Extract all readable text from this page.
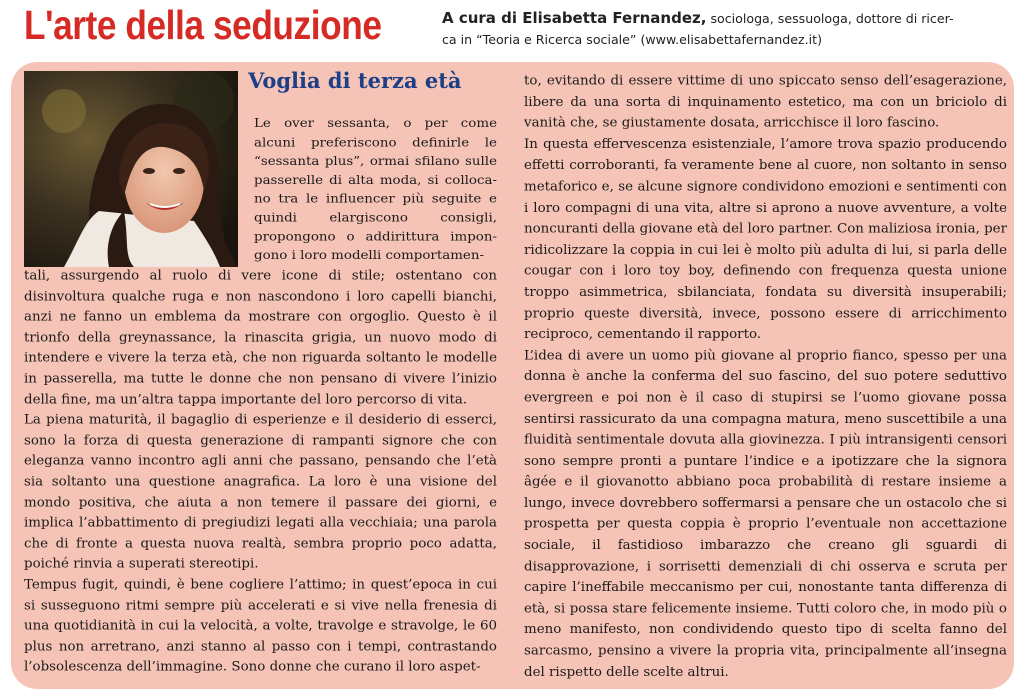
L'arte della seduzione	A cura di Elisabetta Fernandez, sociologa, sessuologa, dottore di ricer-
ca in “Teoria e Ricerca sociale” (www.elisabettafernandez.it)
Voglia di terza età

Le over sessanta, o per come alcuni preferiscono definirle le “sessanta plus”, ormai sfilano sulle passerelle di alta moda, si collocano tra le influencer più seguite e quindi elargiscono consigli, propongono o addirittura impongono i loro modelli comportamen-

tali, assurgendo al ruolo di vere icone di stile; ostentano con disinvoltura qualche ruga e non nascondono i loro capelli bianchi, anzi ne fanno un emblema da mostrare con orgoglio. Questo è il trionfo della greynassance, la rinascita grigia, un nuovo modo di intendere e vivere la terza età, che non riguarda soltanto le modelle in passerella, ma tutte le donne che non pensano di vivere l’inizio della fine, ma un’altra tappa importante del loro percorso di vita.

La piena maturità, il bagaglio di esperienze e il desiderio di esserci, sono la forza di questa generazione di rampanti signore che con eleganza vanno incontro agli anni che passano, pensando che l’età sia soltanto una questione anagrafica. La loro è una visione del mondo positiva, che aiuta a non temere il passare dei giorni, e implica l’abbattimento di pregiudizi legati alla vecchiaia; una parola che di fronte a questa nuova realtà, sembra proprio poco adatta, poiché rinvia a superati stereotipi.

Tempus fugit, quindi, è bene cogliere l’attimo; in quest’epoca in cui si susseguono ritmi sempre più accelerati e si vive nella frenesia di una quotidianità in cui la velocità, a volte, travolge e stravolge, le 60 plus non arretrano, anzi stanno al passo con i tempi, contrastando l’obsolescenza dell’immagine. Sono donne che curano il loro aspet-

to, evitando di essere vittime di uno spiccato senso dell’esagerazione, libere da una sorta di inquinamento estetico, ma con un briciolo di vanità che, se giustamente dosata, arricchisce il loro fascino.

In questa effervescenza esistenziale, l’amore trova spazio producendo effetti corroboranti, fa veramente bene al cuore, non soltanto in senso metaforico e, se alcune signore condividono emozioni e sentimenti con i loro compagni di una vita, altre si aprono a nuove avventure, a volte noncuranti della giovane età del loro partner. Con maliziosa ironia, per ridicolizzare la coppia in cui lei è molto più adulta di lui, si parla delle cougar con i loro toy boy, definendo con frequenza questa unione troppo asimmetrica, sbilanciata, fondata su diversità insuperabili; proprio queste diversità, invece, possono essere di arricchimento reciproco, cementando il rapporto.

L’idea di avere un uomo più giovane al proprio fianco, spesso per una donna è anche la conferma del suo fascino, del suo potere seduttivo evergreen e poi non è il caso di stupirsi se l’uomo giovane possa sentirsi rassicurato da una compagna matura, meno suscettibile a una fluidità sentimentale dovuta alla giovinezza. I più intransigenti censori sono sempre pronti a puntare l’indice e a ipotizzare che la signora âgée e il giovanotto abbiano poca probabilità di restare insieme a lungo, invece dovrebbero soffermarsi a pensare che un ostacolo che si prospetta per questa coppia è proprio l’eventuale non accettazione sociale, il fastidioso imbarazzo che creano gli sguardi di disapprovazione, i sorrisetti demenziali di chi osserva e scruta per capire l’ineffabile meccanismo per cui, nonostante tanta differenza di età, si possa stare felicemente insieme. Tutti coloro che, in modo più o meno manifesto, non condividendo questo tipo di scelta fanno del sarcasmo, pensino a vivere la propria vita, principalmente all’insegna del rispetto delle scelte altrui.
